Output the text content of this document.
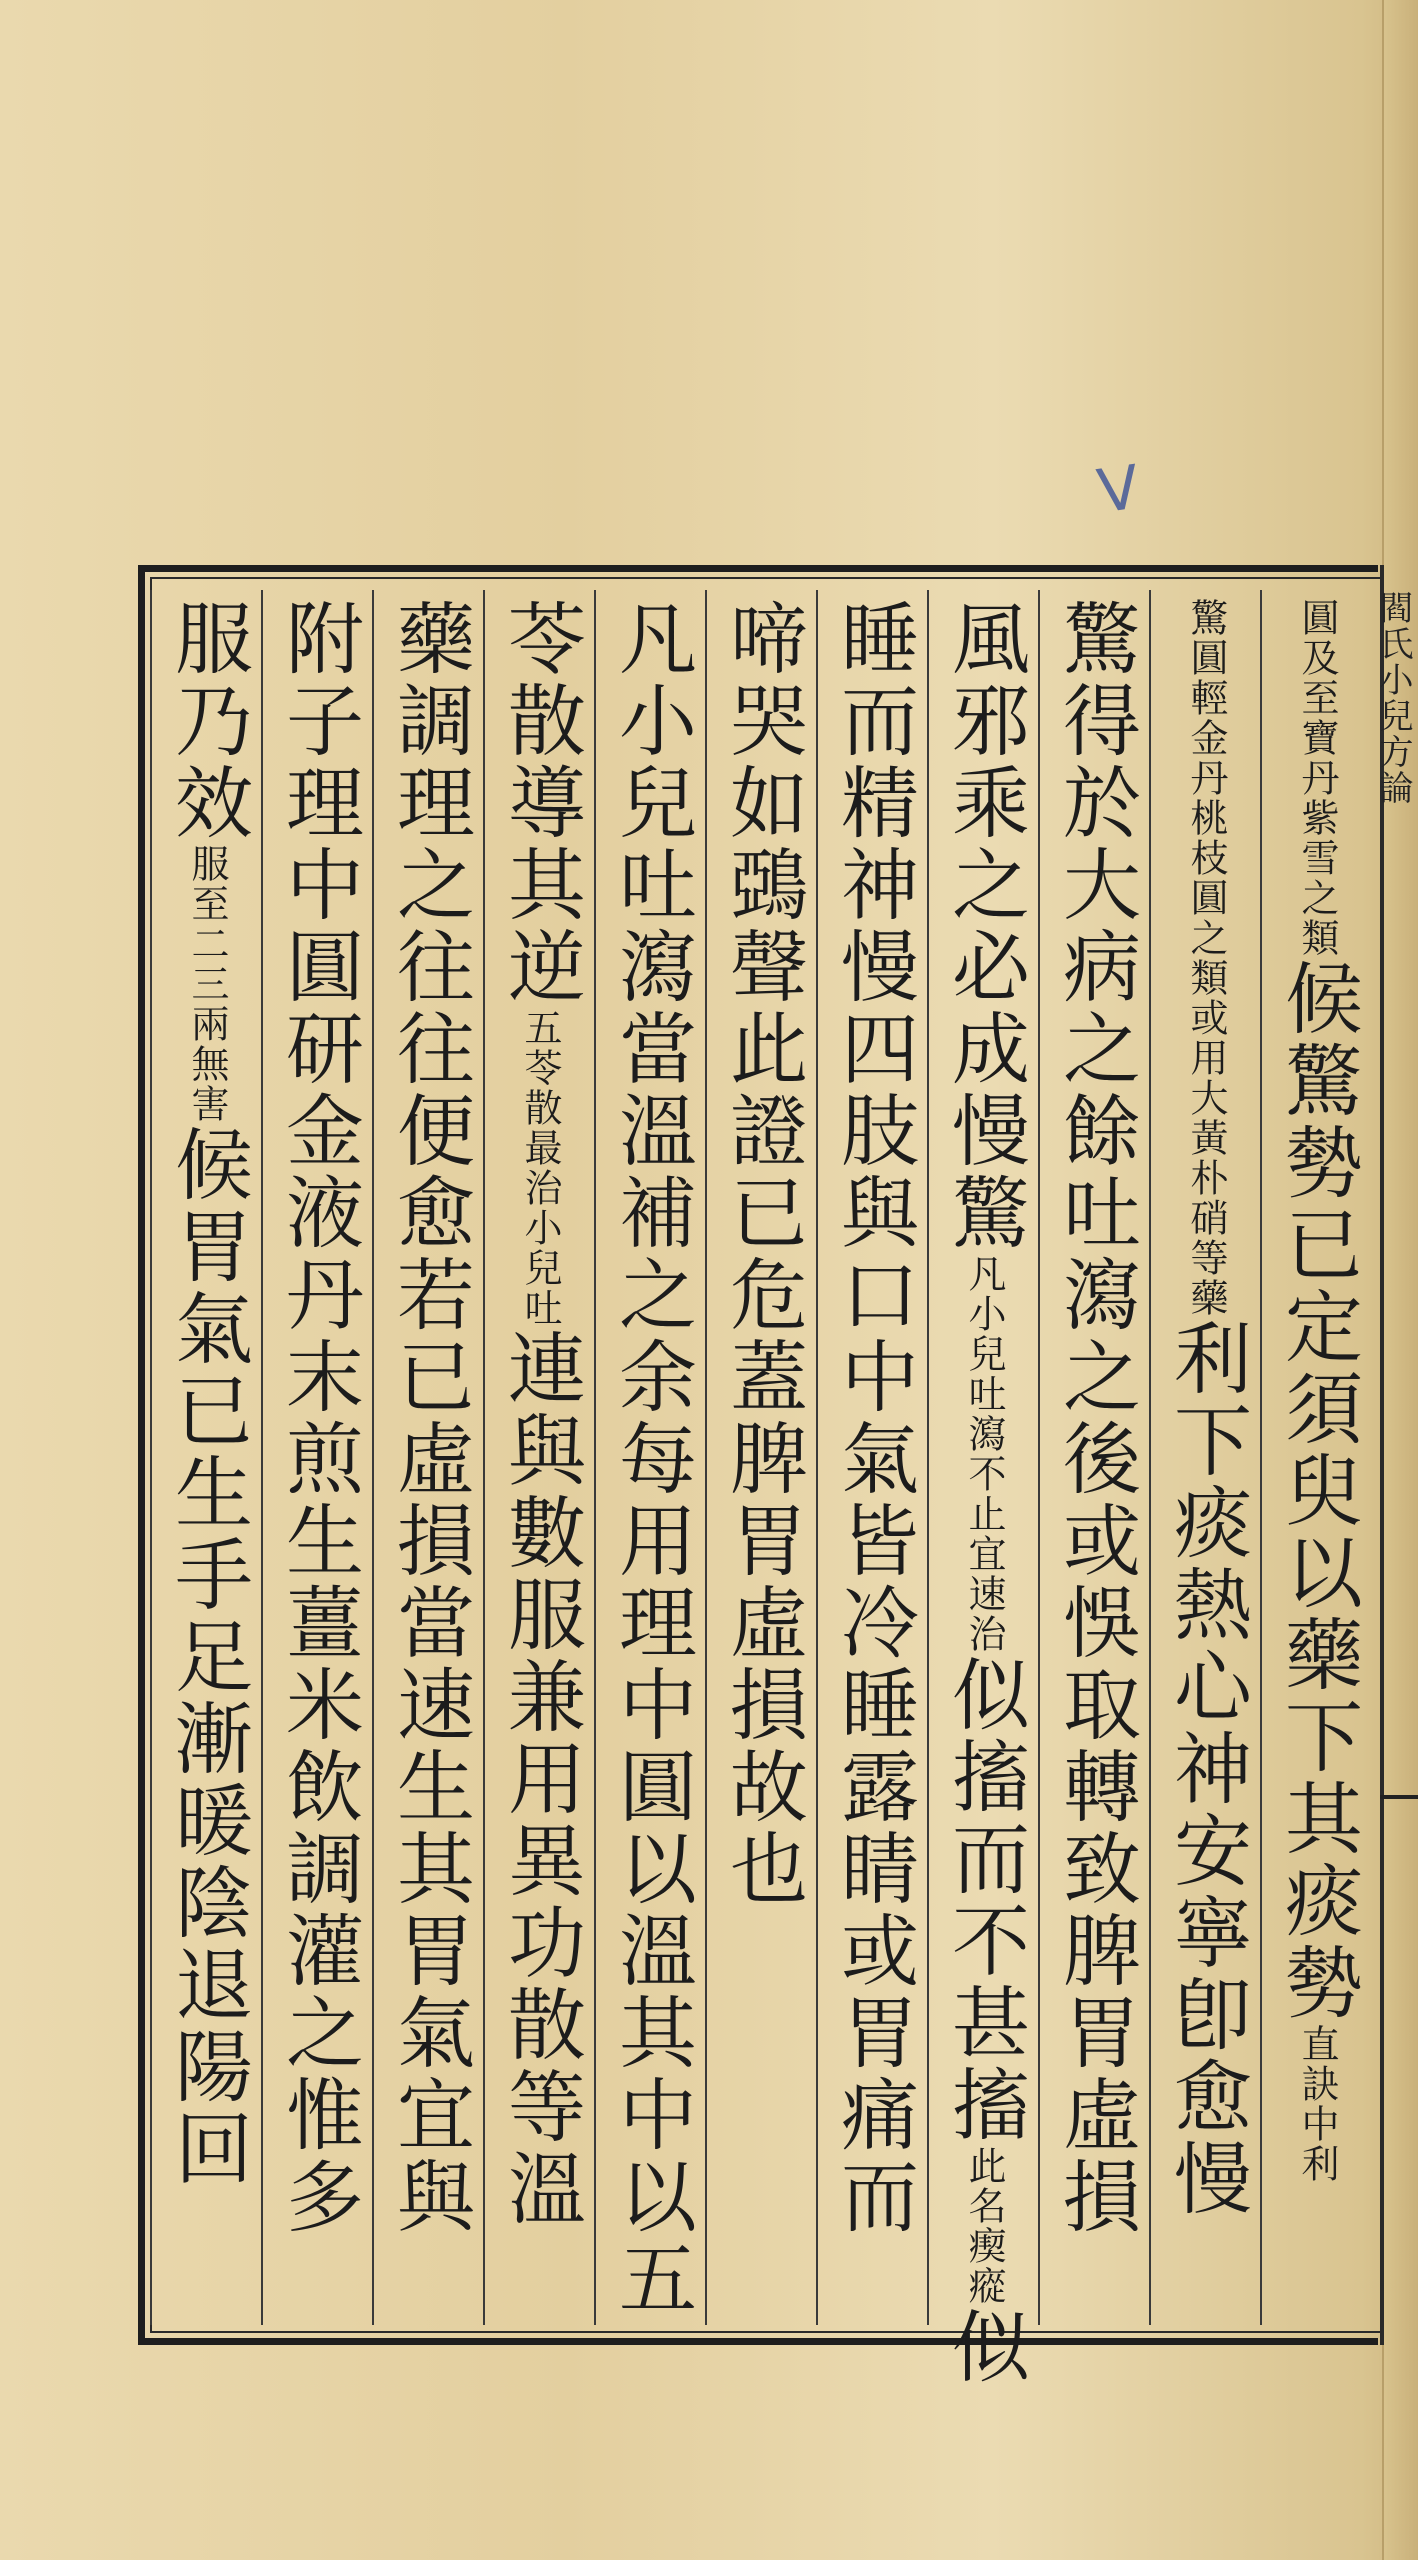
V
閻氏小兒方論
圓及至寶丹紫雪之類候驚勢已定須臾以藥下其痰勢直訣中利
驚圓輕金丹桃枝圓之類或用大黃朴硝等藥利下痰熱心神安寧卽愈慢
驚得於大病之餘吐瀉之後或悞取轉致脾胃虛損
風邪乘之必成慢驚凡小兒吐瀉不止宜速治似搐而不甚搐此名瘈瘲似
睡而精神慢四肢與口中氣皆冷睡露睛或胃痛而
啼哭如鵶聲此證已危蓋脾胃虛損故也
凡小兒吐瀉當溫補之余每用理中圓以溫其中以五
苓散導其逆五苓散最治小兒吐連與數服兼用異功散等溫
藥調理之往往便愈若已虛損當速生其胃氣宜與
附子理中圓研金液丹末煎生薑米飲調灌之惟多
服乃效服至二三兩無害候胃氣已生手足漸暖陰退陽回
